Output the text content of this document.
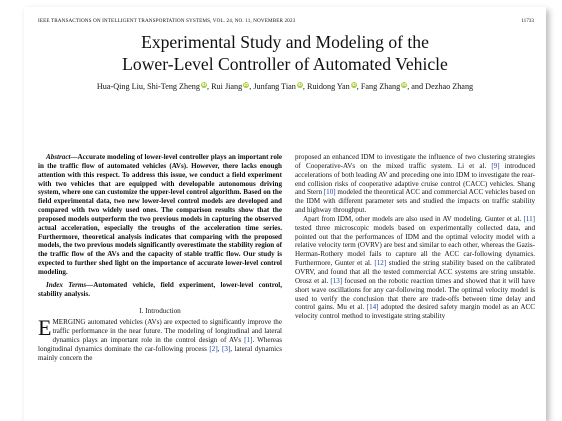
IEEE TRANSACTIONS ON INTELLIGENT TRANSPORTATION SYSTEMS, VOL. 24, NO. 11, NOVEMBER 2023	11733
Experimental Study and Modeling of the
Lower-Level Controller of Automated Vehicle
Hua-Qing Liu, Shi-Teng Zheng iD, Rui Jiang iD, Junfang Tian iD, Ruidong Yan iD, Fang Zhang iD, and Dezhao Zhang

Abstract—Accurate modeling of lower-level controller plays an important role in the traffic flow of automated vehicles (AVs). However, there lacks enough attention with this respect. To address this issue, we conduct a field experiment with two vehicles that are equipped with developable autonomous driving system, where one can customize the upper-level control algorithm. Based on the field experimental data, two new lower-level control models are developed and compared with two widely used ones. The comparison results show that the proposed models outperform the two previous models in capturing the observed actual acceleration, especially the troughs of the acceleration time series. Furthermore, theoretical analysis indicates that comparing with the proposed models, the two previous models significantly overestimate the stability region of the traffic flow of the AVs and the capacity of stable traffic flow. Our study is expected to further shed light on the importance of accurate lower-level control modeling.

Index Terms—Automated vehicle, field experiment, lower-level control, stability analysis.

I. Introduction

EMERGING automated vehicles (AVs) are expected to significantly improve the traffic performance in the near future. The modeling of longitudinal and lateral dynamics plays an important role in the control design of AVs [1]. Whereas longitudinal dynamics dominate the car-following process [2], [3], lateral dynamics mainly concern the

proposed an enhanced IDM to investigate the influence of two clustering strategies of Cooperative-AVs on the mixed traffic system. Li et al. [9] introduced accelerations of both leading AV and preceding one into IDM to investigate the rear-end collision risks of cooperative adaptive cruise control (CACC) vehicles. Shang and Stern [10] modeled the theoretical ACC and commercial ACC vehicles based on the IDM with different parameter sets and studied the impacts on traffic stability and highway throughput.

Apart from IDM, other models are also used in AV modeling. Gunter et al. [11] tested three microscopic models based on experimentally collected data, and pointed out that the performances of IDM and the optimal velocity model with a relative velocity term (OVRV) are best and similar to each other, whereas the Gazis-Herman-Rothery model fails to capture all the ACC car-following dynamics. Furthermore, Gunter et al. [12] studied the string stability based on the calibrated OVRV, and found that all the tested commercial ACC systems are string unstable. Orosz et al. [13] focused on the robotic reaction times and showed that it will have short wave oscillations for any car-following model. The optimal velocity model is used to verify the conclusion that there are trade-offs between time delay and control gains. Mu et al. [14] adopted the desired safety margin model as an ACC velocity control method to investigate string stability
